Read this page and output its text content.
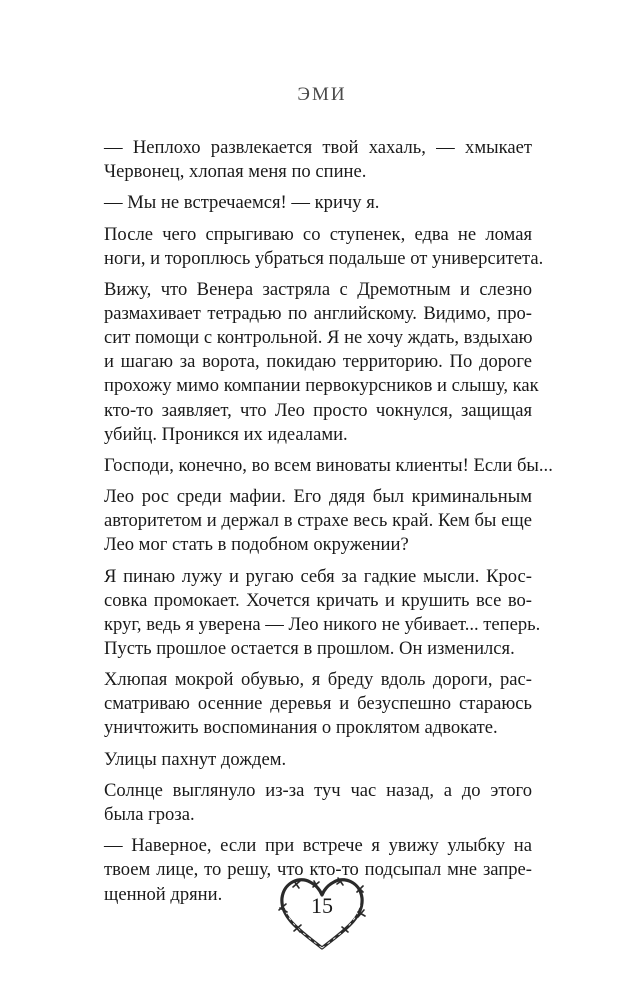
ЭМИ
— Неплохо развлекается твой хахаль, — хмыкает
Червонец, хлопая меня по спине.
— Мы не встречаемся! — кричу я.
После чего спрыгиваю со ступенек, едва не ломая
ноги, и тороплюсь убраться подальше от университета.
Вижу, что Венера застряла с Дремотным и слезно
размахивает тетрадью по английскому. Видимо, про-
сит помощи с контрольной. Я не хочу ждать, вздыхаю
и шагаю за ворота, покидаю территорию. По дороге
прохожу мимо компании первокурсников и слышу, как
кто-то заявляет, что Лео просто чокнулся, защищая
убийц. Проникся их идеалами.
Господи, конечно, во всем виноваты клиенты! Если бы...
Лео рос среди мафии. Его дядя был криминальным
авторитетом и держал в страхе весь край. Кем бы еще
Лео мог стать в подобном окружении?
Я пинаю лужу и ругаю себя за гадкие мысли. Крос-
совка промокает. Хочется кричать и крушить все во-
круг, ведь я уверена — Лео никого не убивает... теперь.
Пусть прошлое остается в прошлом. Он изменился.
Хлюпая мокрой обувью, я бреду вдоль дороги, рас-
сматриваю осенние деревья и безуспешно стараюсь
уничтожить воспоминания о проклятом адвокате.
Улицы пахнут дождем.
Солнце выглянуло из-за туч час назад, а до этого
была гроза.
— Наверное, если при встрече я увижу улыбку на
твоем лице, то решу, что кто-то подсыпал мне запре-
щенной дряни.	15
